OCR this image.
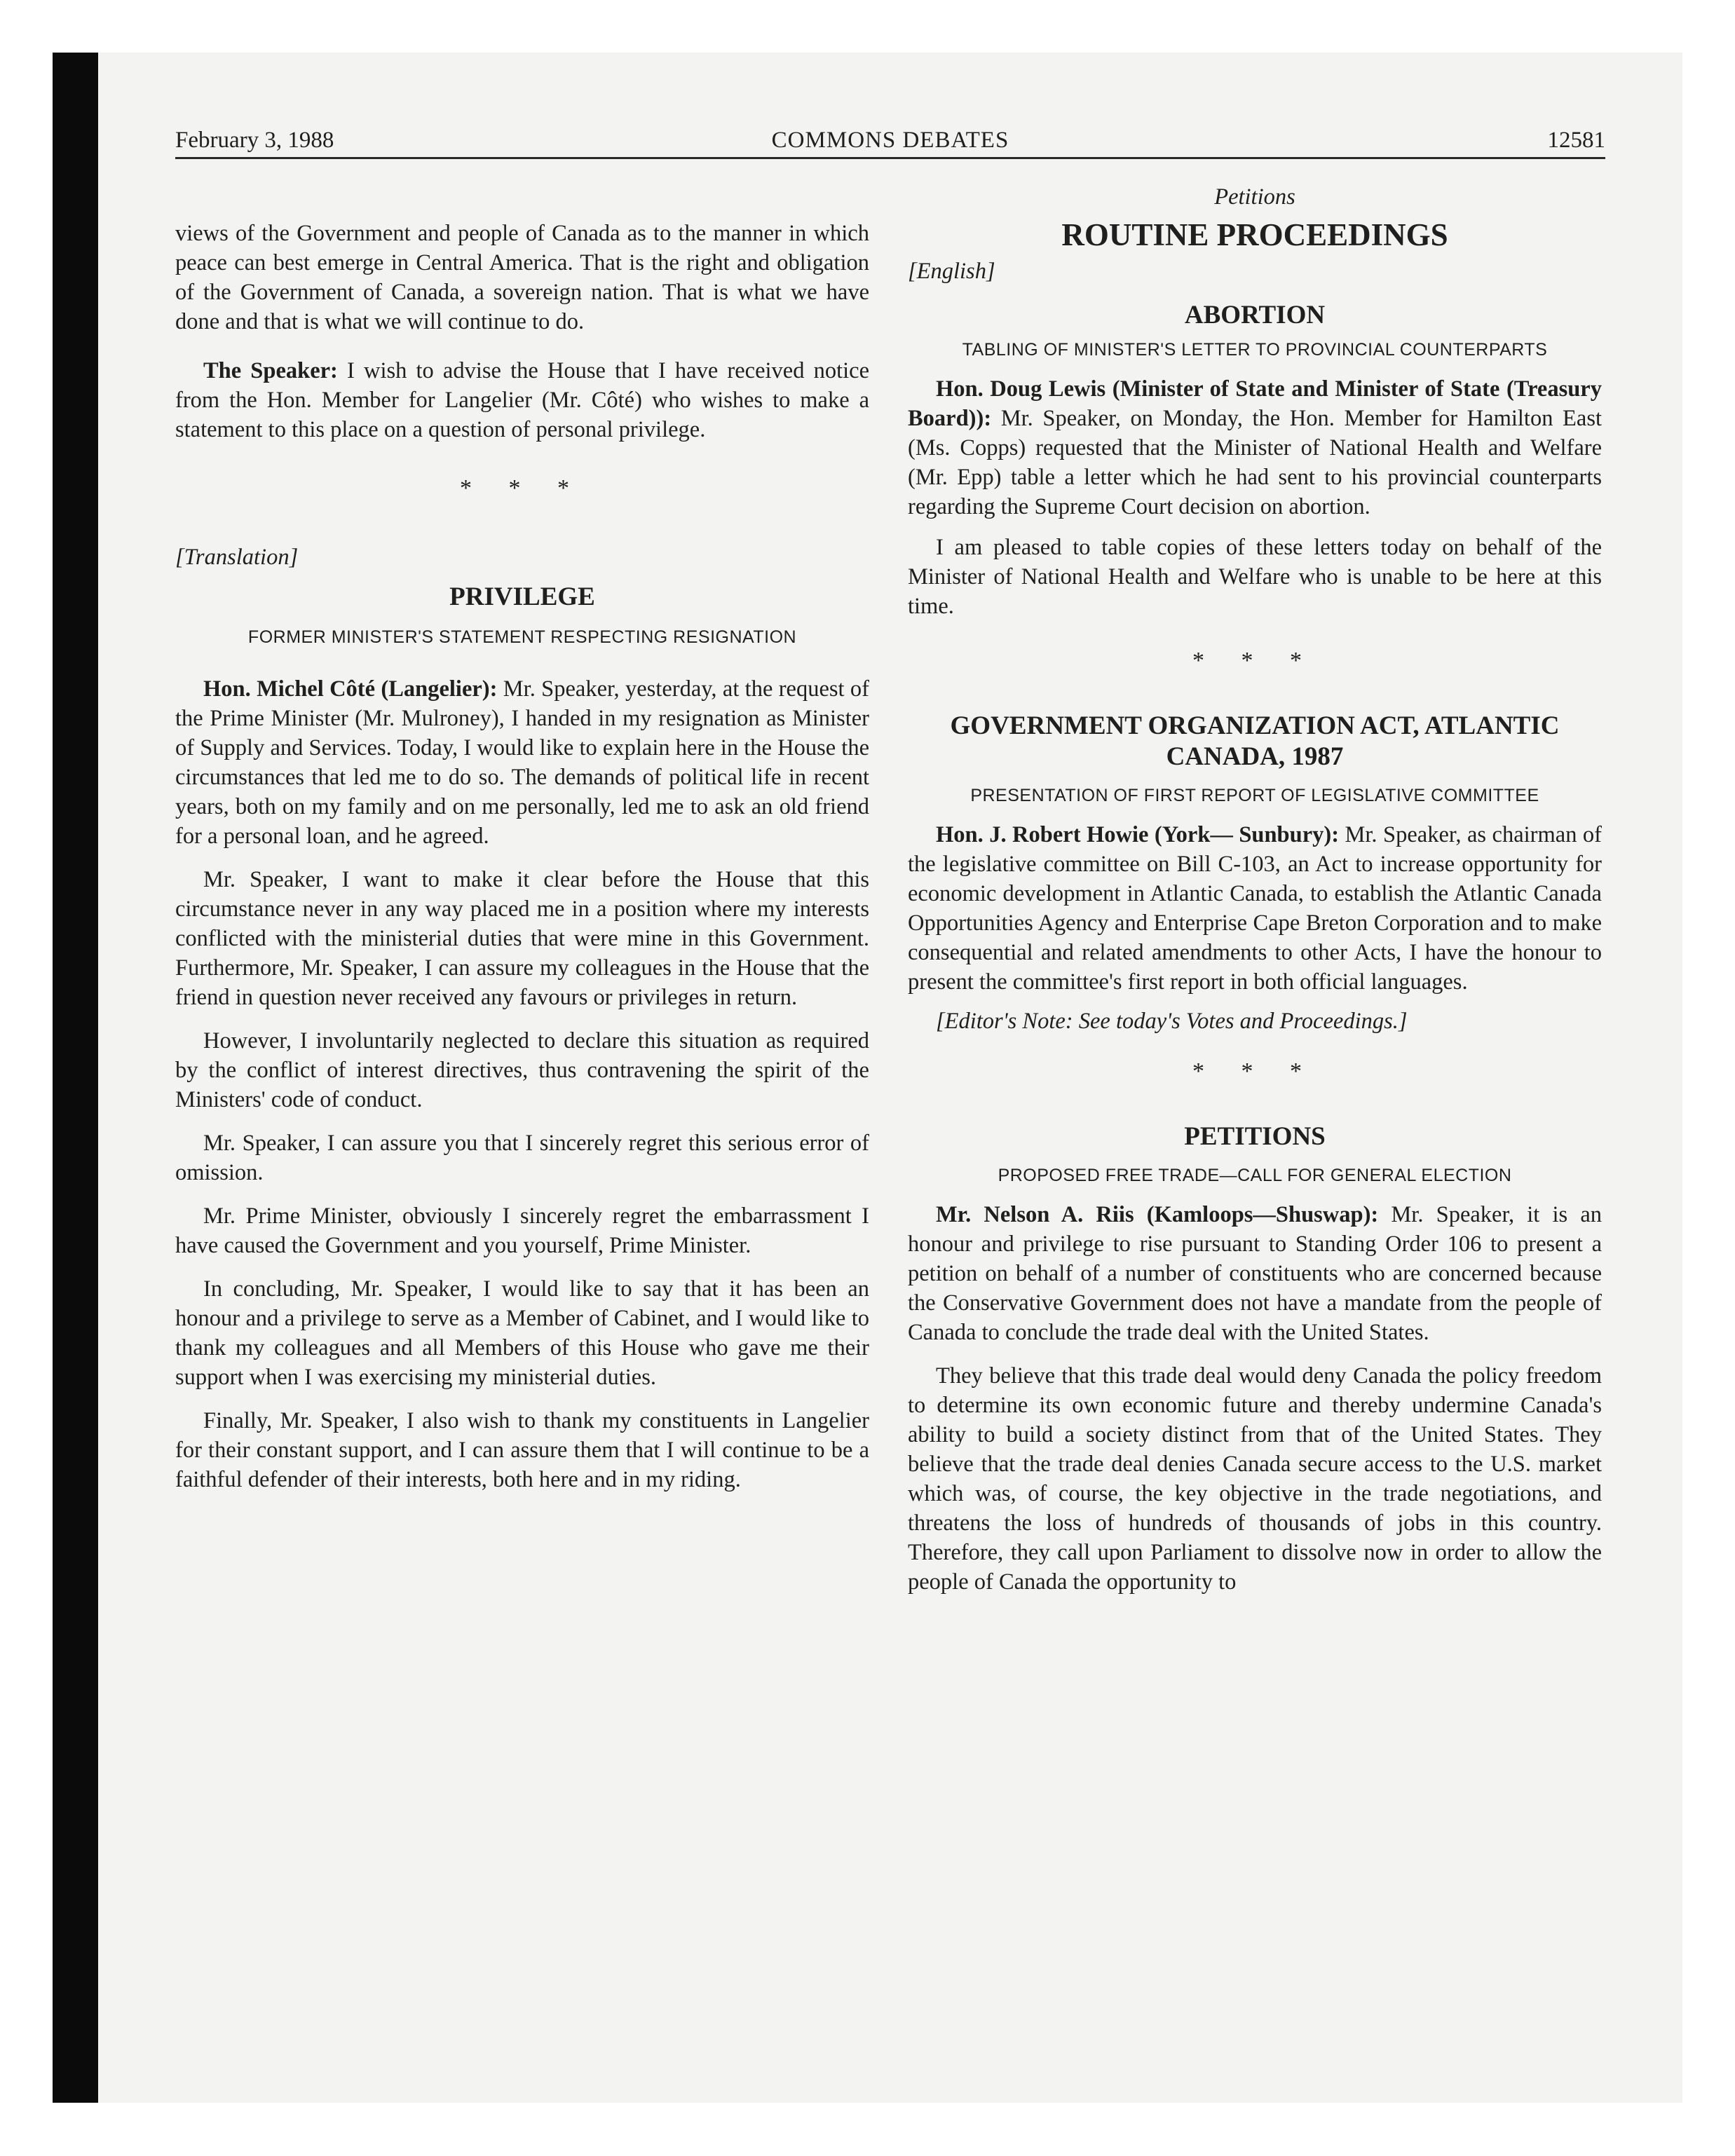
February 3, 1988	COMMONS DEBATES	12581

views of the Government and people of Canada as to the manner in which peace can best emerge in Central America. That is the right and obligation of the Government of Canada, a sovereign nation. That is what we have done and that is what we will continue to do.

The Speaker: I wish to advise the House that I have received notice from the Hon. Member for Langelier (Mr. Côté) who wishes to make a statement to this place on a question of personal privilege.

* * *

[Translation]

PRIVILEGE

FORMER MINISTER'S STATEMENT RESPECTING RESIGNATION

Hon. Michel Côté (Langelier): Mr. Speaker, yesterday, at the request of the Prime Minister (Mr. Mulroney), I handed in my resignation as Minister of Supply and Services. Today, I would like to explain here in the House the circumstances that led me to do so. The demands of political life in recent years, both on my family and on me personally, led me to ask an old friend for a personal loan, and he agreed.

Mr. Speaker, I want to make it clear before the House that this circumstance never in any way placed me in a position where my interests conflicted with the ministerial duties that were mine in this Government. Furthermore, Mr. Speaker, I can assure my colleagues in the House that the friend in question never received any favours or privileges in return.

However, I involuntarily neglected to declare this situation as required by the conflict of interest directives, thus contravening the spirit of the Ministers' code of conduct.

Mr. Speaker, I can assure you that I sincerely regret this serious error of omission.

Mr. Prime Minister, obviously I sincerely regret the embarrassment I have caused the Government and you yourself, Prime Minister.

In concluding, Mr. Speaker, I would like to say that it has been an honour and a privilege to serve as a Member of Cabinet, and I would like to thank my colleagues and all Members of this House who gave me their support when I was exercising my ministerial duties.

Finally, Mr. Speaker, I also wish to thank my constituents in Langelier for their constant support, and I can assure them that I will continue to be a faithful defender of their interests, both here and in my riding.

Petitions

ROUTINE PROCEEDINGS

[English]

ABORTION

TABLING OF MINISTER'S LETTER TO PROVINCIAL COUNTERPARTS

Hon. Doug Lewis (Minister of State and Minister of State (Treasury Board)): Mr. Speaker, on Monday, the Hon. Member for Hamilton East (Ms. Copps) requested that the Minister of National Health and Welfare (Mr. Epp) table a letter which he had sent to his provincial counterparts regarding the Supreme Court decision on abortion.

I am pleased to table copies of these letters today on behalf of the Minister of National Health and Welfare who is unable to be here at this time.

* * *

GOVERNMENT ORGANIZATION ACT, ATLANTIC CANADA, 1987

PRESENTATION OF FIRST REPORT OF LEGISLATIVE COMMITTEE

Hon. J. Robert Howie (York— Sunbury): Mr. Speaker, as chairman of the legislative committee on Bill C-103, an Act to increase opportunity for economic development in Atlantic Canada, to establish the Atlantic Canada Opportunities Agency and Enterprise Cape Breton Corporation and to make consequential and related amendments to other Acts, I have the honour to present the committee's first report in both official languages.

[Editor's Note: See today's Votes and Proceedings.]

* * *

PETITIONS

PROPOSED FREE TRADE—CALL FOR GENERAL ELECTION

Mr. Nelson A. Riis (Kamloops—Shuswap): Mr. Speaker, it is an honour and privilege to rise pursuant to Standing Order 106 to present a petition on behalf of a number of constituents who are concerned because the Conservative Government does not have a mandate from the people of Canada to conclude the trade deal with the United States.

They believe that this trade deal would deny Canada the policy freedom to determine its own economic future and thereby undermine Canada's ability to build a society distinct from that of the United States. They believe that the trade deal denies Canada secure access to the U.S. market which was, of course, the key objective in the trade negotiations, and threatens the loss of hundreds of thousands of jobs in this country. Therefore, they call upon Parliament to dissolve now in order to allow the people of Canada the opportunity to
